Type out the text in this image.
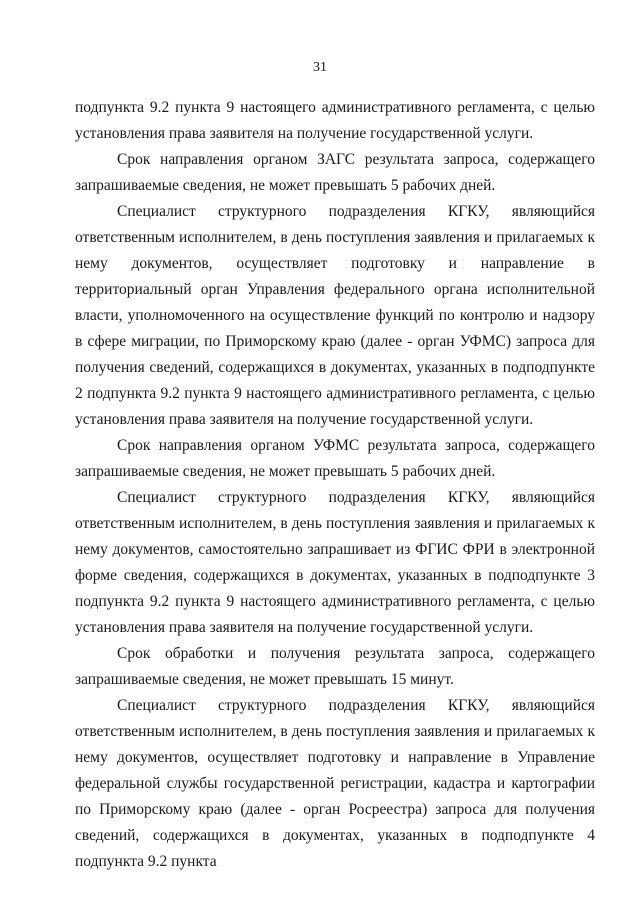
31

подпункта 9.2 пункта 9 настоящего административного регламента, с целью установления права заявителя на получение государственной услуги.

Срок направления органом ЗАГС результата запроса, содержащего запрашиваемые сведения, не может превышать 5 рабочих дней.

Специалист структурного подразделения КГКУ, являющийся ответственным исполнителем, в день поступления заявления и прилагаемых к нему документов, осуществляет подготовку и направление в территориальный орган Управления федерального органа исполнительной власти, уполномоченного на осуществление функций по контролю и надзору в сфере миграции, по Приморскому краю (далее - орган УФМС) запроса для получения сведений, содержащихся в документах, указанных в подподпункте 2 подпункта 9.2 пункта 9 настоящего административного регламента, с целью установления права заявителя на получение государственной услуги.

Срок направления органом УФМС результата запроса, содержащего запрашиваемые сведения, не может превышать 5 рабочих дней.

Специалист структурного подразделения КГКУ, являющийся ответственным исполнителем, в день поступления заявления и прилагаемых к нему документов, самостоятельно запрашивает из ФГИС ФРИ в электронной форме сведения, содержащихся в документах, указанных в подподпункте 3 подпункта 9.2 пункта 9 настоящего административного регламента, с целью установления права заявителя на получение государственной услуги.

Срок обработки и получения результата запроса, содержащего запрашиваемые сведения, не может превышать 15 минут.

Специалист структурного подразделения КГКУ, являющийся ответственным исполнителем, в день поступления заявления и прилагаемых к нему документов, осуществляет подготовку и направление в Управление федеральной службы государственной регистрации, кадастра и картографии по Приморскому краю (далее - орган Росреестра) запроса для получения сведений, содержащихся в документах, указанных в подподпункте 4 подпункта 9.2 пункта
